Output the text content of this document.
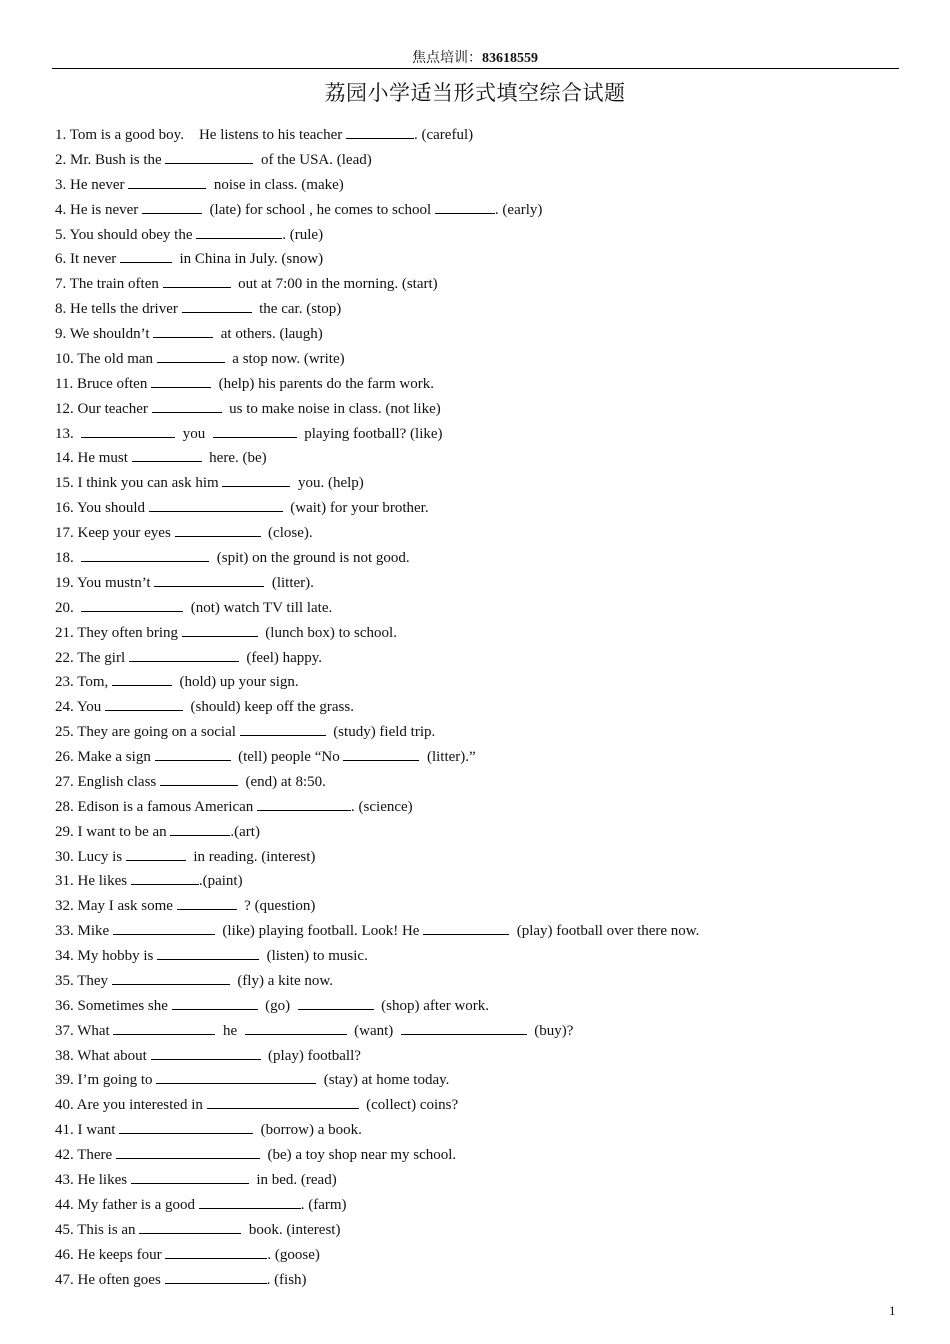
焦点培训：83618559
荔园小学适当形式填空综合试题
1. Tom is a good boy.    He listens to his teacher	. (careful)
2. Mr. Bush is the	of the USA. (lead)
3. He never	noise in class. (make)
4. He is never	(late) for school , he comes to school	. (early)
5. You should obey the	. (rule)
6. It never	in China in July. (snow)
7. The train often	out at 7:00 in the morning. (start)
8. He tells the driver	the car. (stop)
9. We shouldn’t	at others. (laugh)
10. The old man	a stop now. (write)
11. Bruce often	(help) his parents do the farm work.
12. Our teacher	us to make noise in class. (not like)
13.	you	playing football? (like)
14. He must	here. (be)
15. I think you can ask him	you. (help)
16. You should	(wait) for your brother.
17. Keep your eyes	(close).
18.	(spit) on the ground is not good.
19. You mustn’t	(litter).
20.	(not) watch TV till late.
21. They often bring	(lunch box) to school.
22. The girl	(feel) happy.
23. Tom,	(hold) up your sign.
24. You	(should) keep off the grass.
25. They are going on a social	(study) field trip.
26. Make a sign	(tell) people “No	(litter).”
27. English class	(end) at 8:50.
28. Edison is a famous American	. (science)
29. I want to be an	.(art)
30. Lucy is	in reading. (interest)
31. He likes	.(paint)
32. May I ask some	? (question)
33. Mike	(like) playing football. Look! He	(play) football over there now.
34. My hobby is	(listen) to music.
35. They	(fly) a kite now.
36. Sometimes she	(go)	(shop) after work.
37. What	he	(want)	(buy)?
38. What about	(play) football?
39. I’m going to	(stay) at home today.
40. Are you interested in	(collect) coins?
41. I want	(borrow) a book.
42. There	(be) a toy shop near my school.
43. He likes	in bed. (read)
44. My father is a good	. (farm)
45. This is an	book. (interest)
46. He keeps four	. (goose)
47. He often goes	. (fish)
1
